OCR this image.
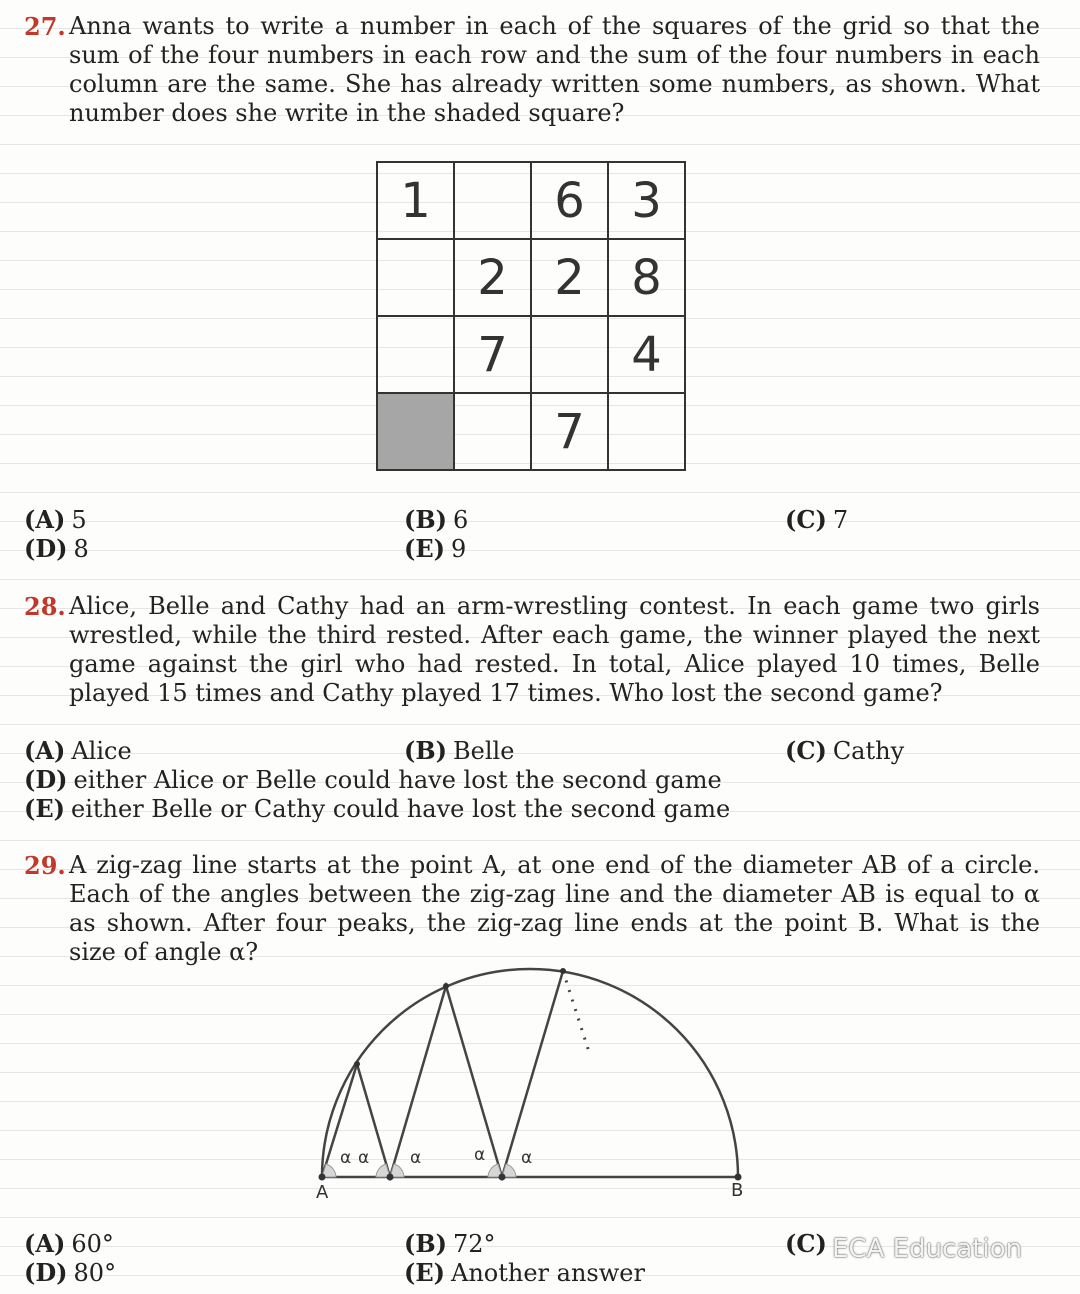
27. Anna wants to write a number in each of the squares of the grid so that the sum of the four numbers in each row and the sum of the four numbers in each column are the same. She has already written some numbers, as shown. What number does she write in the shaded square?
1		6	3
	2	2	8
	7		4
		7	
(A) 5	(B) 6	(C) 7
(D) 8	(E) 9
28. Alice, Belle and Cathy had an arm-wrestling contest. In each game two girls wrestled, while the third rested. After each game, the winner played the next game against the girl who had rested. In total, Alice played 10 times, Belle played 15 times and Cathy played 17 times. Who lost the second game?
(A) Alice	(B) Belle	(C) Cathy
(D) either Alice or Belle could have lost the second game
(E) either Belle or Cathy could have lost the second game
29. A zig-zag line starts at the point A, at one end of the diameter AB of a circle. Each of the angles between the zig-zag line and the diameter AB is equal to α as shown. After four peaks, the zig-zag line ends at the point B. What is the size of angle α?
α α α	α α
A	B
(A) 60°	(B) 72°	(C)
(D) 80°	(E) Another answer
ECA Education
